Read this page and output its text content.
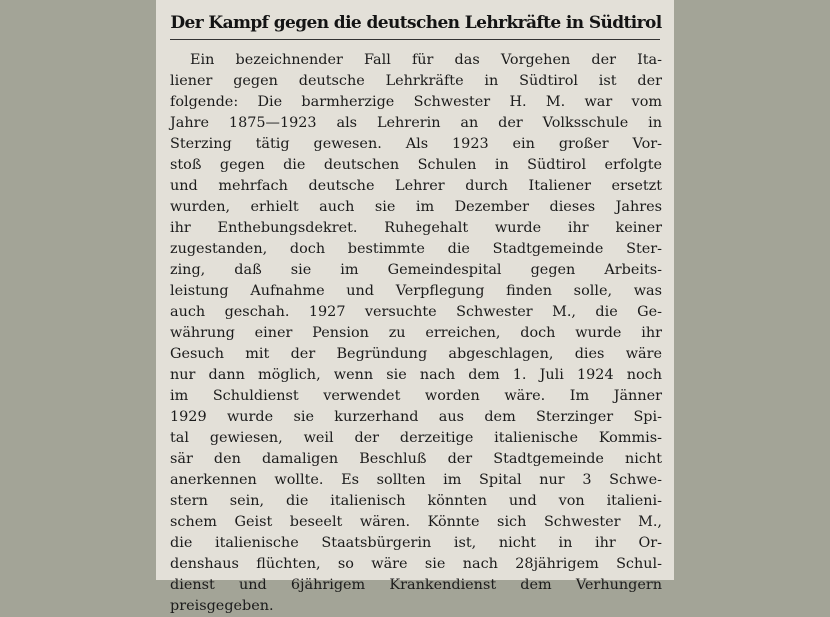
Der Kampf gegen die deutschen Lehrkräfte in Südtirol
Ein bezeichnender Fall für das Vorgehen der Ita-
liener gegen deutsche Lehrkräfte in Südtirol ist der
folgende: Die barmherzige Schwester H. M. war vom
Jahre 1875—1923 als Lehrerin an der Volksschule in
Sterzing tätig gewesen. Als 1923 ein großer Vor-
stoß gegen die deutschen Schulen in Südtirol erfolgte
und mehrfach deutsche Lehrer durch Italiener ersetzt
wurden, erhielt auch sie im Dezember dieses Jahres
ihr Enthebungsdekret. Ruhegehalt wurde ihr keiner
zugestanden, doch bestimmte die Stadtgemeinde Ster-
zing, daß sie im Gemeindespital gegen Arbeits-
leistung Aufnahme und Verpflegung finden solle, was
auch geschah. 1927 versuchte Schwester M., die Ge-
währung einer Pension zu erreichen, doch wurde ihr
Gesuch mit der Begründung abgeschlagen, dies wäre
nur dann möglich, wenn sie nach dem 1. Juli 1924 noch
im Schuldienst verwendet worden wäre. Im Jänner
1929 wurde sie kurzerhand aus dem Sterzinger Spi-
tal gewiesen, weil der derzeitige italienische Kommis-
sär den damaligen Beschluß der Stadtgemeinde nicht
anerkennen wollte. Es sollten im Spital nur 3 Schwe-
stern sein, die italienisch könnten und von italieni-
schem Geist beseelt wären. Könnte sich Schwester M.,
die italienische Staatsbürgerin ist, nicht in ihr Or-
denshaus flüchten, so wäre sie nach 28jährigem Schul-
dienst und 6jährigem Krankendienst dem Verhungern
preisgegeben.
